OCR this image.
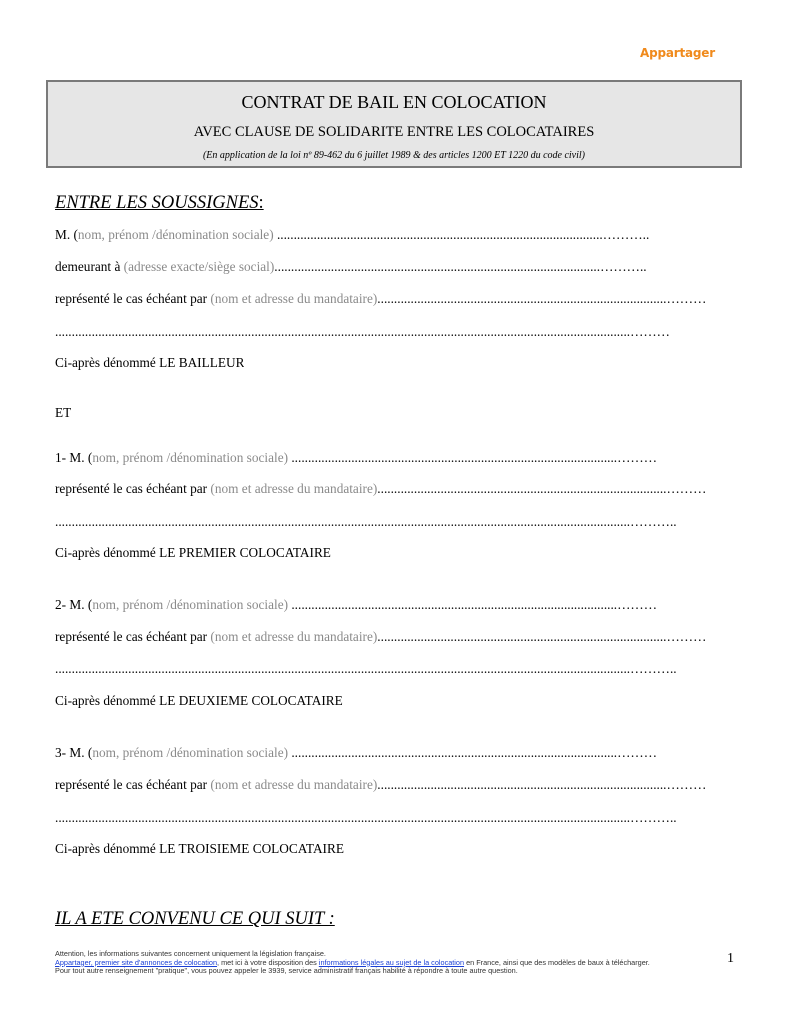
Appartager
CONTRAT DE BAIL EN COLOCATION
AVEC CLAUSE DE SOLIDARITE ENTRE LES COLOCATAIRES
(En application de la loi nº 89-462 du 6 juillet 1989 & des articles 1200 ET 1220 du code civil)
ENTRE LES SOUSSIGNES:
M. (nom, prénom /dénomination sociale) ..................................................................................................………..
demeurant à (adresse exacte/siège social)..................................................................................................………..
représenté le cas échéant par (nom et adresse du mandataire).......................................................................................………
.............................................................................................................................................................................………
Ci-après dénommé LE BAILLEUR
ET
1- M. (nom, prénom /dénomination sociale) ..................................................................................................………
représenté le cas échéant par (nom et adresse du mandataire).......................................................................................………
.............................................................................................................................................................................………..
Ci-après dénommé LE PREMIER COLOCATAIRE
2- M. (nom, prénom /dénomination sociale) ..................................................................................................………
représenté le cas échéant par (nom et adresse du mandataire).......................................................................................………
.............................................................................................................................................................................………..
Ci-après dénommé LE DEUXIEME COLOCATAIRE
3- M. (nom, prénom /dénomination sociale) ..................................................................................................………
représenté le cas échéant par (nom et adresse du mandataire).......................................................................................………
.............................................................................................................................................................................………..
Ci-après dénommé LE TROISIEME COLOCATAIRE
IL A ETE CONVENU CE QUI SUIT :
Attention, les informations suivantes concernent uniquement la législation française.
Appartager, premier site d'annonces de colocation, met ici à votre disposition des informations légales au sujet de la colocation en France, ainsi que des modèles de baux à télécharger.
Pour tout autre renseignement "pratique", vous pouvez appeler le 3939, service administratif français habilité à répondre à toute autre question.
1
